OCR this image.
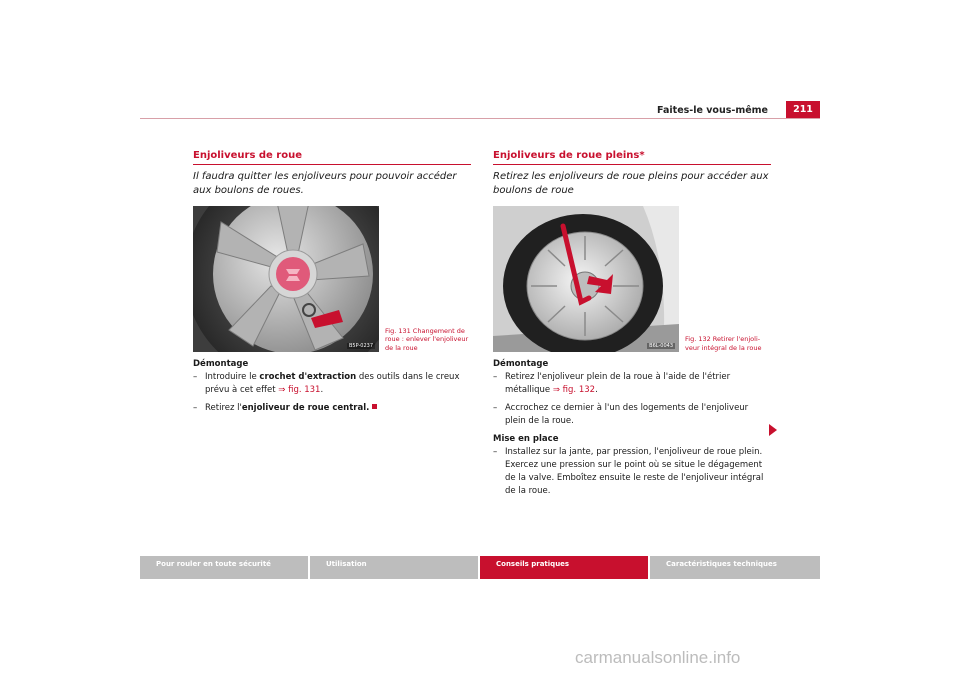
Faites-le vous-même	211
Enjoliveurs de roue
Il faudra quitter les enjoliveurs pour pouvoir accéder aux boulons de roues.
B5P-0237
Fig. 131 Changement de roue : enlever l'enjoliveur de la roue
Démontage
– Introduire le crochet d'extraction des outils dans le creux prévu à cet effet ⇒ fig. 131.
– Retirez l'enjoliveur de roue central.
Enjoliveurs de roue pleins*
Retirez les enjoliveurs de roue pleins pour accéder aux boulons de roue
B6L-0043
Fig. 132 Retirer l'enjoli-veur intégral de la roue
Démontage
– Retirez l'enjoliveur plein de la roue à l'aide de l'étrier métallique ⇒ fig. 132.
– Accrochez ce dernier à l'un des logements de l'enjoliveur plein de la roue.
Mise en place
– Installez sur la jante, par pression, l'enjoliveur de roue plein. Exercez une pression sur le point où se situe le dégagement de la valve. Emboîtez ensuite le reste de l'enjoliveur intégral de la roue.
Pour rouler en toute sécurité	Utilisation	Conseils pratiques	Caractéristiques techniques
carmanualsonline.info
